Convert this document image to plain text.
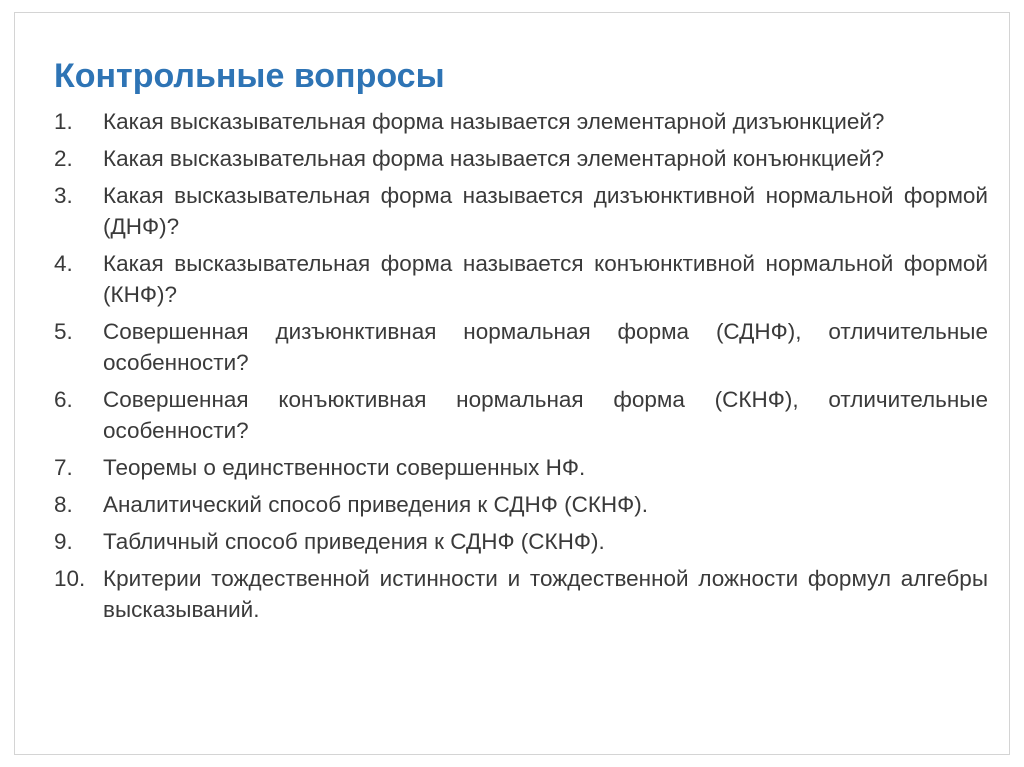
Контрольные вопросы
1.	Какая высказывательная форма называется элементарной дизъюнкцией?
2.	Какая высказывательная форма называется элементарной конъюнкцией?
3.	Какая высказывательная форма называется дизъюнктивной нормальной формой (ДНФ)?
4.	Какая высказывательная форма называется конъюнктивной нормальной формой (КНФ)?
5.	Совершенная дизъюнктивная нормальная форма (СДНФ), отличительные особенности?
6.	Совершенная конъюктивная нормальная форма (СКНФ), отличительные особенности?
7.	Теоремы о единственности совершенных НФ.
8.	Аналитический способ приведения к СДНФ (СКНФ).
9.	Табличный способ приведения к СДНФ (СКНФ).
10. Критерии тождественной истинности и тождественной ложности формул алгебры высказываний.
